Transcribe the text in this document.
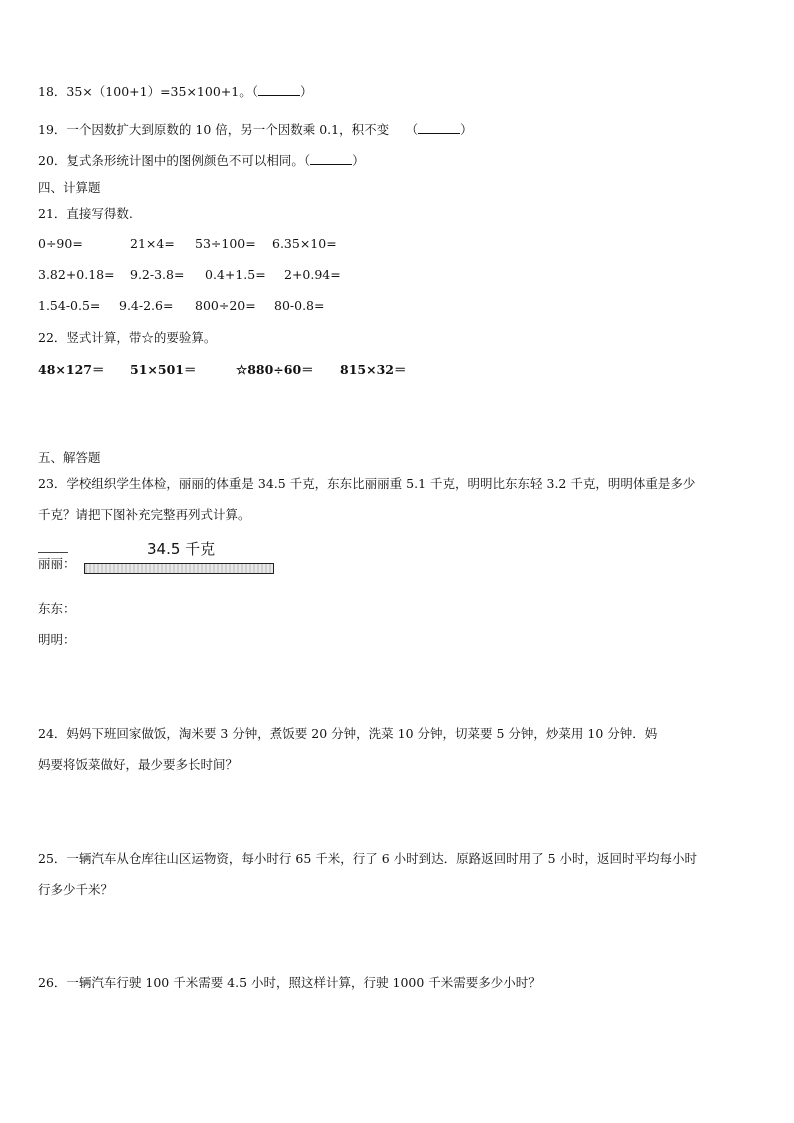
18．35×（100+1）=35×100+1。（	）
19．一个因数扩大到原数的 10 倍，另一个因数乘 0.1，积不变　 （	）
20．复式条形统计图中的图例颜色不可以相同。（	）
四、计算题
21．直接写得数.
0÷90=	21×4= 53÷100= 6.35×10=
3.82+0.18= 9.2-3.8= 0.4+1.5= 2+0.94=
1.54-0.5= 9.4-2.6= 800÷20= 80-0.8=
22．竖式计算，带☆的要验算。
48×127＝ 51×501＝	☆880÷60＝ 815×32＝
五、解答题
23．学校组织学生体检，丽丽的体重是 34.5 千克，东东比丽丽重 5.1 千克，明明比东东轻 3.2 千克，明明体重是多少
千克？请把下图补充完整再列式计算。
34.5 千克
丽丽：
东东：
明明：
24．妈妈下班回家做饭，淘米要 3 分钟，煮饭要 20 分钟，洗菜 10 分钟，切菜要 5 分钟，炒菜用 10 分钟．妈
妈要将饭菜做好，最少要多长时间？
25．一辆汽车从仓库往山区运物资，每小时行 65 千米，行了 6 小时到达．原路返回时用了 5 小时，返回时平均每小时
行多少千米？
26．一辆汽车行驶 100 千米需要 4.5 小时，照这样计算，行驶 1000 千米需要多少小时？
